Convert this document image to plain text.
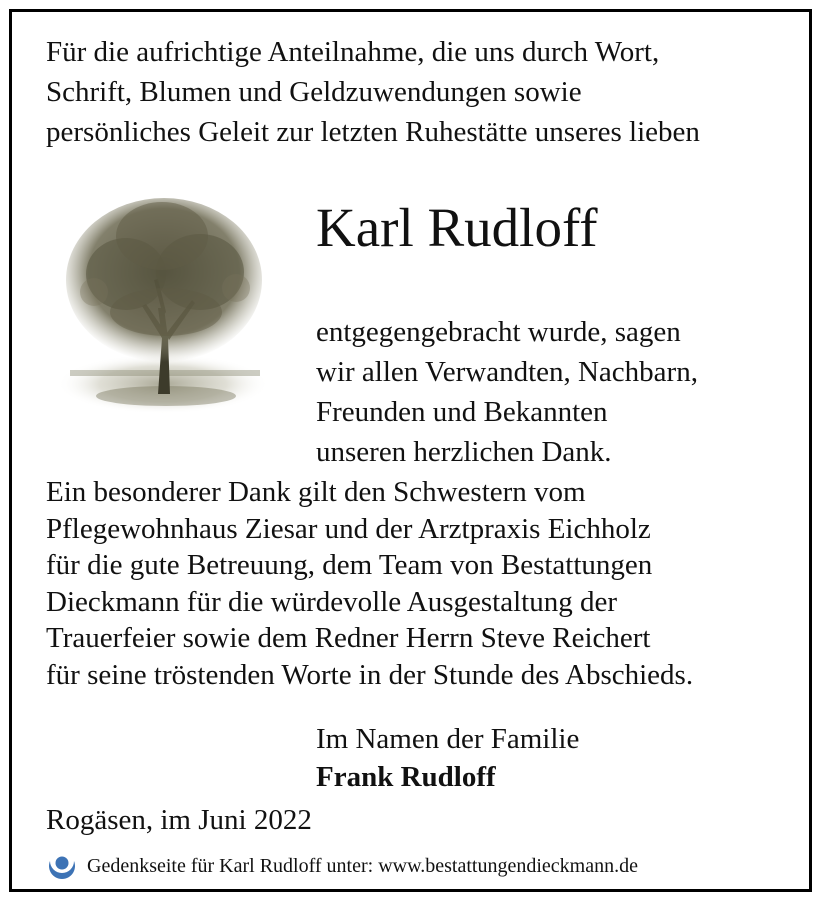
Für die aufrichtige Anteilnahme, die uns durch Wort,
Schrift, Blumen und Geldzuwendungen sowie
persönliches Geleit zur letzten Ruhestätte unseres lieben
Karl Rudloff
entgegengebracht wurde, sagen
wir allen Verwandten, Nachbarn,
Freunden und Bekannten
unseren herzlichen Dank.
Ein besonderer Dank gilt den Schwestern vom
Pflegewohnhaus Ziesar und der Arztpraxis Eichholz
für die gute Betreuung, dem Team von Bestattungen
Dieckmann für die würdevolle Ausgestaltung der
Trauerfeier sowie dem Redner Herrn Steve Reichert
für seine tröstenden Worte in der Stunde des Abschieds.
Im Namen der Familie
Frank Rudloff
Rogäsen, im Juni 2022
Gedenkseite für Karl Rudloff unter: www.bestattungendieckmann.de
